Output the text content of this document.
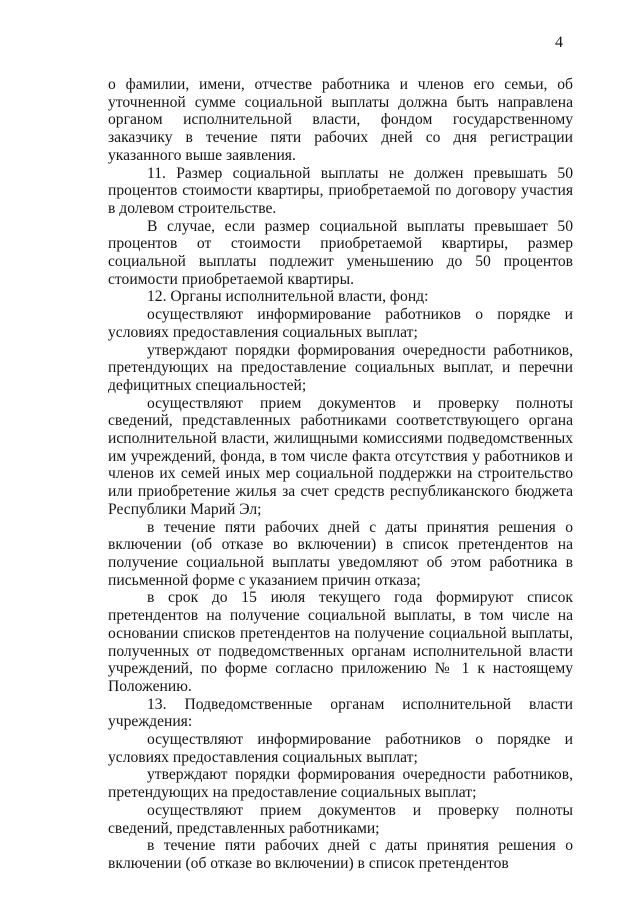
4

о фамилии, имени, отчестве работника и членов его семьи, об уточненной сумме социальной выплаты должна быть направлена органом исполнительной власти, фондом государственному заказчику в течение пяти рабочих дней со дня регистрации указанного выше заявления.

11. Размер социальной выплаты не должен превышать 50 процентов стоимости квартиры, приобретаемой по договору участия в долевом строительстве.

В случае, если размер социальной выплаты превышает 50 процентов от стоимости приобретаемой квартиры, размер социальной выплаты подлежит уменьшению до 50 процентов стоимости приобретаемой квартиры.

12. Органы исполнительной власти, фонд:

осуществляют информирование работников о порядке и условиях предоставления социальных выплат;

утверждают порядки формирования очередности работников, претендующих на предоставление социальных выплат, и перечни дефицитных специальностей;

осуществляют прием документов и проверку полноты сведений, представленных работниками соответствующего органа исполнительной власти, жилищными комиссиями подведомственных им учреждений, фонда, в том числе факта отсутствия у работников и членов их семей иных мер социальной поддержки на строительство или приобретение жилья за счет средств республиканского бюджета Республики Марий Эл;

в течение пяти рабочих дней с даты принятия решения о включении (об отказе во включении) в список претендентов на получение социальной выплаты уведомляют об этом работника в письменной форме с указанием причин отказа;

в срок до 15 июля текущего года формируют список претендентов на получение социальной выплаты, в том числе на основании списков претендентов на получение социальной выплаты, полученных от подведомственных органам исполнительной власти учреждений, по форме согласно приложению № 1 к настоящему Положению.

13. Подведомственные органам исполнительной власти учреждения:

осуществляют информирование работников о порядке и условиях предоставления социальных выплат;

утверждают порядки формирования очередности работников, претендующих на предоставление социальных выплат;

осуществляют прием документов и проверку полноты сведений, представленных работниками;

в течение пяти рабочих дней с даты принятия решения о включении (об отказе во включении) в список претендентов
